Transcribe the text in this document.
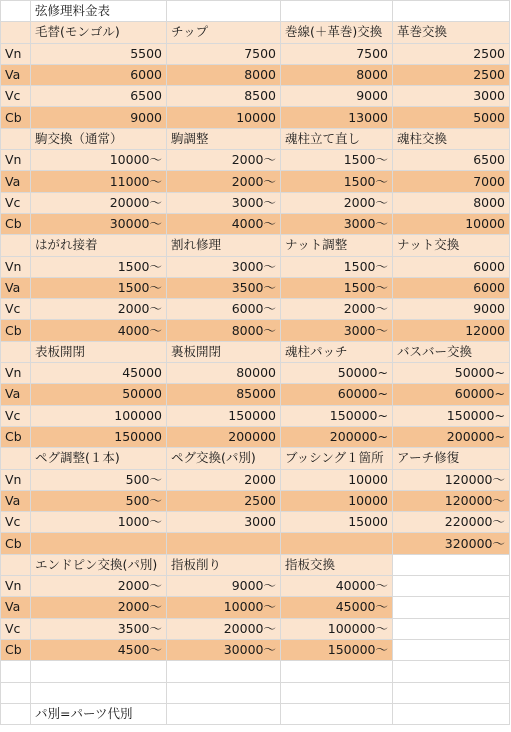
	弦修理料金表			
	毛替(モンゴル)	チップ	巻線(＋革巻)交換	革巻交換
Vn	5500	7500	7500	2500
Va	6000	8000	8000	2500
Vc	6500	8500	9000	3000
Cb	9000	10000	13000	5000
	駒交換（通常）	駒調整	魂柱立て直し	魂柱交換
Vn	10000〜	2000〜	1500〜	6500
Va	11000〜	2000〜	1500〜	7000
Vc	20000〜	3000〜	2000〜	8000
Cb	30000〜	4000〜	3000〜	10000
	はがれ接着	割れ修理	ナット調整	ナット交換
Vn	1500〜	3000〜	1500〜	6000
Va	1500〜	3500〜	1500〜	6000
Vc	2000〜	6000〜	2000〜	9000
Cb	4000〜	8000〜	3000〜	12000
	表板開閉	裏板開閉	魂柱パッチ	バスバー交換
Vn	45000	80000	50000~	50000~
Va	50000	85000	60000~	60000~
Vc	100000	150000	150000~	150000~
Cb	150000	200000	200000~	200000~
	ペグ調整(１本)	ペグ交換(パ別)	ブッシング１箇所	アーチ修復
Vn	500〜	2000	10000	120000〜
Va	500〜	2500	10000	120000〜
Vc	1000〜	3000	15000	220000〜
Cb				320000〜
	エンドピン交換(パ別)	指板削り	指板交換	
Vn	2000〜	9000〜	40000〜	
Va	2000〜	10000〜	45000〜	
Vc	3500〜	20000〜	100000〜	
Cb	4500〜	30000〜	150000〜	

	パ別=パーツ代別			
